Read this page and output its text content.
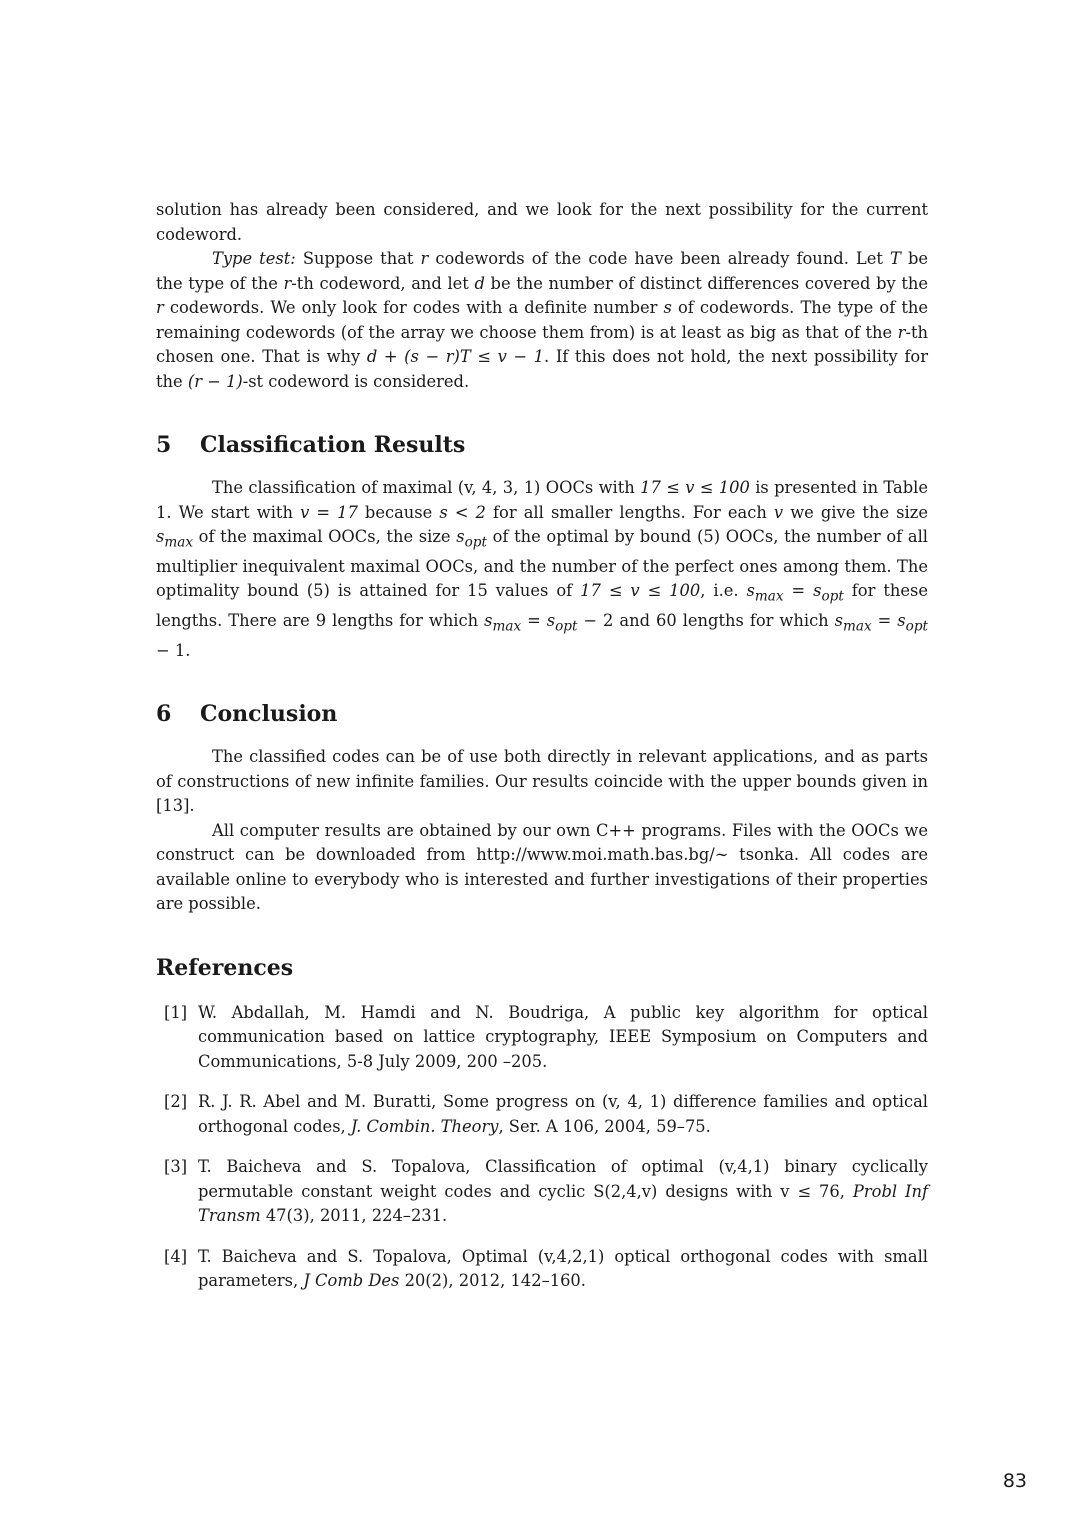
solution has already been considered, and we look for the next possibility for the current codeword.

Type test: Suppose that r codewords of the code have been already found. Let T be the type of the r-th codeword, and let d be the number of distinct differences covered by the r codewords. We only look for codes with a definite number s of codewords. The type of the remaining codewords (of the array we choose them from) is at least as big as that of the r-th chosen one. That is why d + (s − r)T ≤ v − 1. If this does not hold, the next possibility for the (r − 1)-st codeword is considered.

5	Classification Results

The classification of maximal (v, 4, 3, 1) OOCs with 17 ≤ v ≤ 100 is presented in Table 1. We start with v = 17 because s < 2 for all smaller lengths. For each v we give the size $s_{max}$ of the maximal OOCs, the size $s_{opt}$ of the optimal by bound (5) OOCs, the number of all multiplier inequivalent maximal OOCs, and the number of the perfect ones among them. The optimality bound (5) is attained for 15 values of 17 ≤ v ≤ 100, i.e. $s_{max} = s_{opt}$ for these lengths. There are 9 lengths for which $s_{max} = s_{opt} - 2$ and 60 lengths for which $s_{max} = s_{opt} - 1$.

6	Conclusion

The classified codes can be of use both directly in relevant applications, and as parts of constructions of new infinite families. Our results coincide with the upper bounds given in [13].

All computer results are obtained by our own C++ programs. Files with the OOCs we construct can be downloaded from http://www.moi.math.bas.bg/∼ tsonka. All codes are available online to everybody who is interested and further investigations of their properties are possible.

References
[1] W. Abdallah, M. Hamdi and N. Boudriga, A public key algorithm for optical communication based on lattice cryptography, IEEE Symposium on Computers and Communications, 5-8 July 2009, 200 –205.
[2] R. J. R. Abel and M. Buratti, Some progress on (v, 4, 1) difference families and optical orthogonal codes, J. Combin. Theory, Ser. A 106, 2004, 59–75.
[3] T. Baicheva and S. Topalova, Classification of optimal (v,4,1) binary cyclically permutable constant weight codes and cyclic S(2,4,v) designs with v ≤ 76, Probl Inf Transm 47(3), 2011, 224–231.
[4] T. Baicheva and S. Topalova, Optimal (v,4,2,1) optical orthogonal codes with small parameters, J Comb Des 20(2), 2012, 142–160.
83
